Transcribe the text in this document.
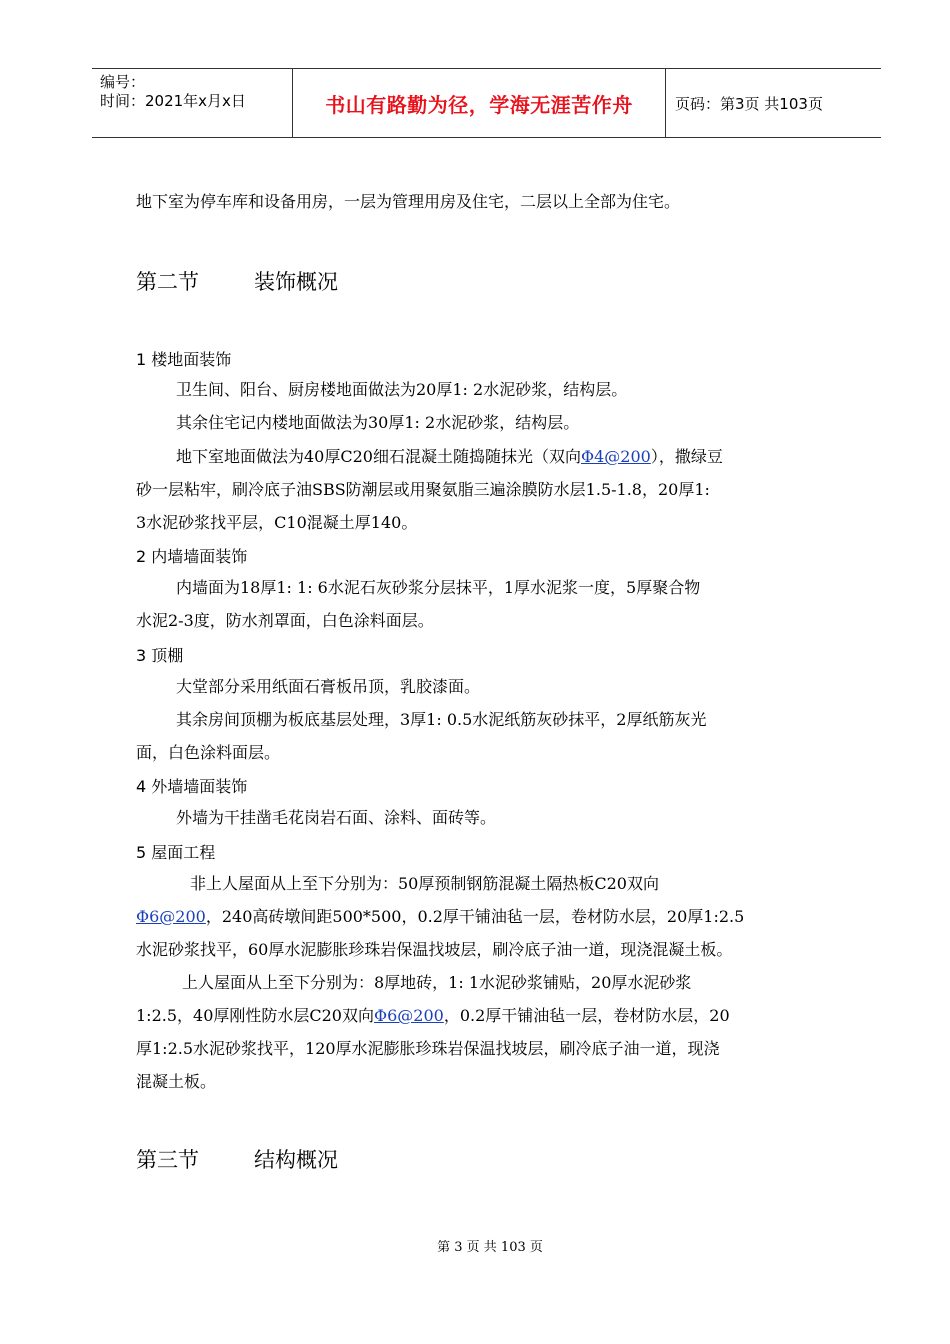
编号：
时间：2021年x月x日	书山有路勤为径，学海无涯苦作舟	页码：第3页 共103页
地下室为停车库和设备用房，一层为管理用房及住宅，二层以上全部为住宅。
第二节	装饰概况
1 楼地面装饰
卫生间、阳台、厨房楼地面做法为20厚1: 2水泥砂浆，结构层。
其余住宅记内楼地面做法为30厚1: 2水泥砂浆，结构层。
地下室地面做法为40厚C20细石混凝土随捣随抹光（双向Φ4@200），撒绿豆
砂一层粘牢，刷冷底子油SBS防潮层或用聚氨脂三遍涂膜防水层1.5-1.8，20厚1:
3水泥砂浆找平层，C10混凝土厚140。
2 内墙墙面装饰
内墙面为18厚1: 1: 6水泥石灰砂浆分层抹平，1厚水泥浆一度，5厚聚合物
水泥2-3度，防水剂罩面，白色涂料面层。
3 顶棚
大堂部分采用纸面石膏板吊顶，乳胶漆面。
其余房间顶棚为板底基层处理，3厚1: 0.5水泥纸筋灰砂抹平，2厚纸筋灰光
面，白色涂料面层。
4 外墙墙面装饰
外墙为干挂凿毛花岗岩石面、涂料、面砖等。
5 屋面工程
非上人屋面从上至下分别为：50厚预制钢筋混凝土隔热板C20双向
Φ6@200，240高砖墩间距500*500，0.2厚干铺油毡一层，卷材防水层，20厚1:2.5
水泥砂浆找平，60厚水泥膨胀珍珠岩保温找坡层，刷冷底子油一道，现浇混凝土板。
上人屋面从上至下分别为：8厚地砖，1: 1水泥砂浆铺贴，20厚水泥砂浆
1:2.5，40厚刚性防水层C20双向Φ6@200，0.2厚干铺油毡一层，卷材防水层，20
厚1:2.5水泥砂浆找平，120厚水泥膨胀珍珠岩保温找坡层，刷冷底子油一道，现浇
混凝土板。
第三节	结构概况
第 3 页 共 103 页
